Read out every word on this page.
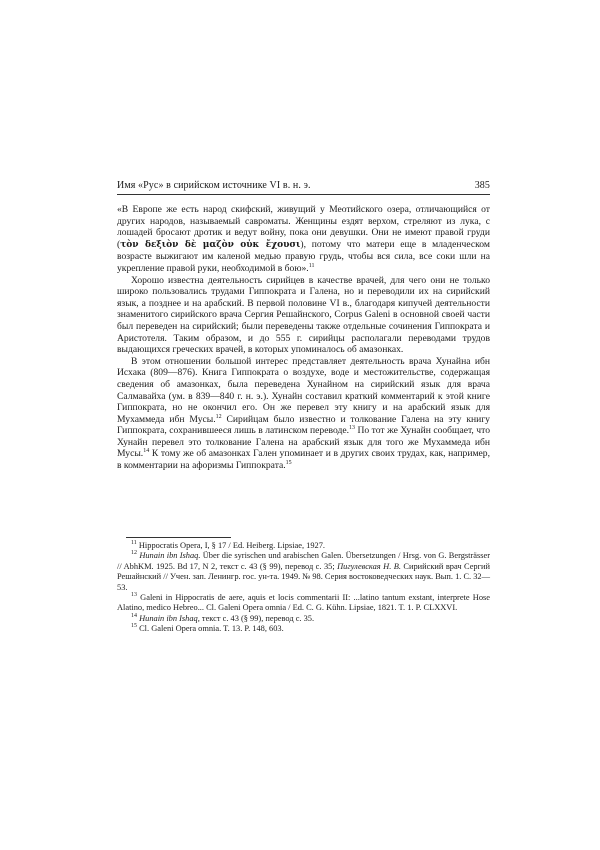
Имя «Рус» в сирийском источнике VI в. н. э.	385

«В Европе же есть народ скифский, живущий у Меотийского озера, отличающийся от других народов, называемый савроматы. Женщины ездят верхом, стреляют из лука, с лошадей бросают дротик и ведут войну, пока они девушки. Они не имеют правой груди (τὸν δεξιὸν δὲ μαζὸν οὐκ ἔχουσι), потому что матери еще в младенческом возрасте выжигают им каленой медью правую грудь, чтобы вся сила, все соки шли на укрепление правой руки, необходимой в бою».$^{11}$

Хорошо известна деятельность сирийцев в качестве врачей, для чего они не только широко пользовались трудами Гиппократа и Галена, но и переводили их на сирийский язык, а позднее и на арабский. В первой половине VI в., благодаря кипучей деятельности знаменитого сирийского врача Сергия Решайнского, Corpus Galeni в основной своей части был переведен на сирийский; были переведены также отдельные сочинения Гиппократа и Аристотеля. Таким образом, и до 555 г. сирийцы располагали переводами трудов выдающихся греческих врачей, в которых упоминалось об амазонках.

В этом отношении большой интерес представляет деятельность врача Хунайна ибн Исхака (809—876). Книга Гиппократа о воздухе, воде и местожительстве, содержащая сведения об амазонках, была переведена Хунайном на сирийский язык для врача Салмавайха (ум. в 839—840 г. н. э.). Хунайн составил краткий комментарий к этой книге Гиппократа, но не окончил его. Он же перевел эту книгу и на арабский язык для Мухаммеда ибн Мусы.$^{12}$ Сирийцам было известно и толкование Галена на эту книгу Гиппократа, сохранившееся лишь в латинском переводе.$^{13}$ По тот же Хунайн сообщает, что Хунайн перевел это толкование Галена на арабский язык для того же Мухаммеда ибн Мусы.$^{14}$ К тому же об амазонках Гален упоминает и в других своих трудах, как, например, в комментарии на афоризмы Гиппократа.$^{15}$

$^{11}$ Hippocratis Opera, I, § 17 / Ed. Heiberg. Lipsiae, 1927.

$^{12}$ Hunain ibn Ishaq. Über die syrischen und arabischen Galen. Übersetzungen / Hrsg. von G. Bergsträsser // AbhKM. 1925. Bd 17, N 2, текст с. 43 (§ 99), перевод с. 35; Пигулевская Н. В. Сирийский врач Сергий Решайнский // Учен. зап. Ленингр. гос. ун-та. 1949. № 98. Серия востоковедческих наук. Вып. 1. С. 32—53.

$^{13}$ Galeni in Hippocratis de aere, aquis et locis commentarii II: ...latino tantum exstant, interprete Hose Alatino, medico Hebreo... Cl. Galeni Opera omnia / Ed. C. G. Kühn. Lipsiae, 1821. T. 1. P. CLXXVI.

$^{14}$ Hunain ibn Ishaq, текст с. 43 (§ 99), перевод с. 35.

$^{15}$ Cl. Galeni Opera omnia. T. 13. P. 148, 603.
